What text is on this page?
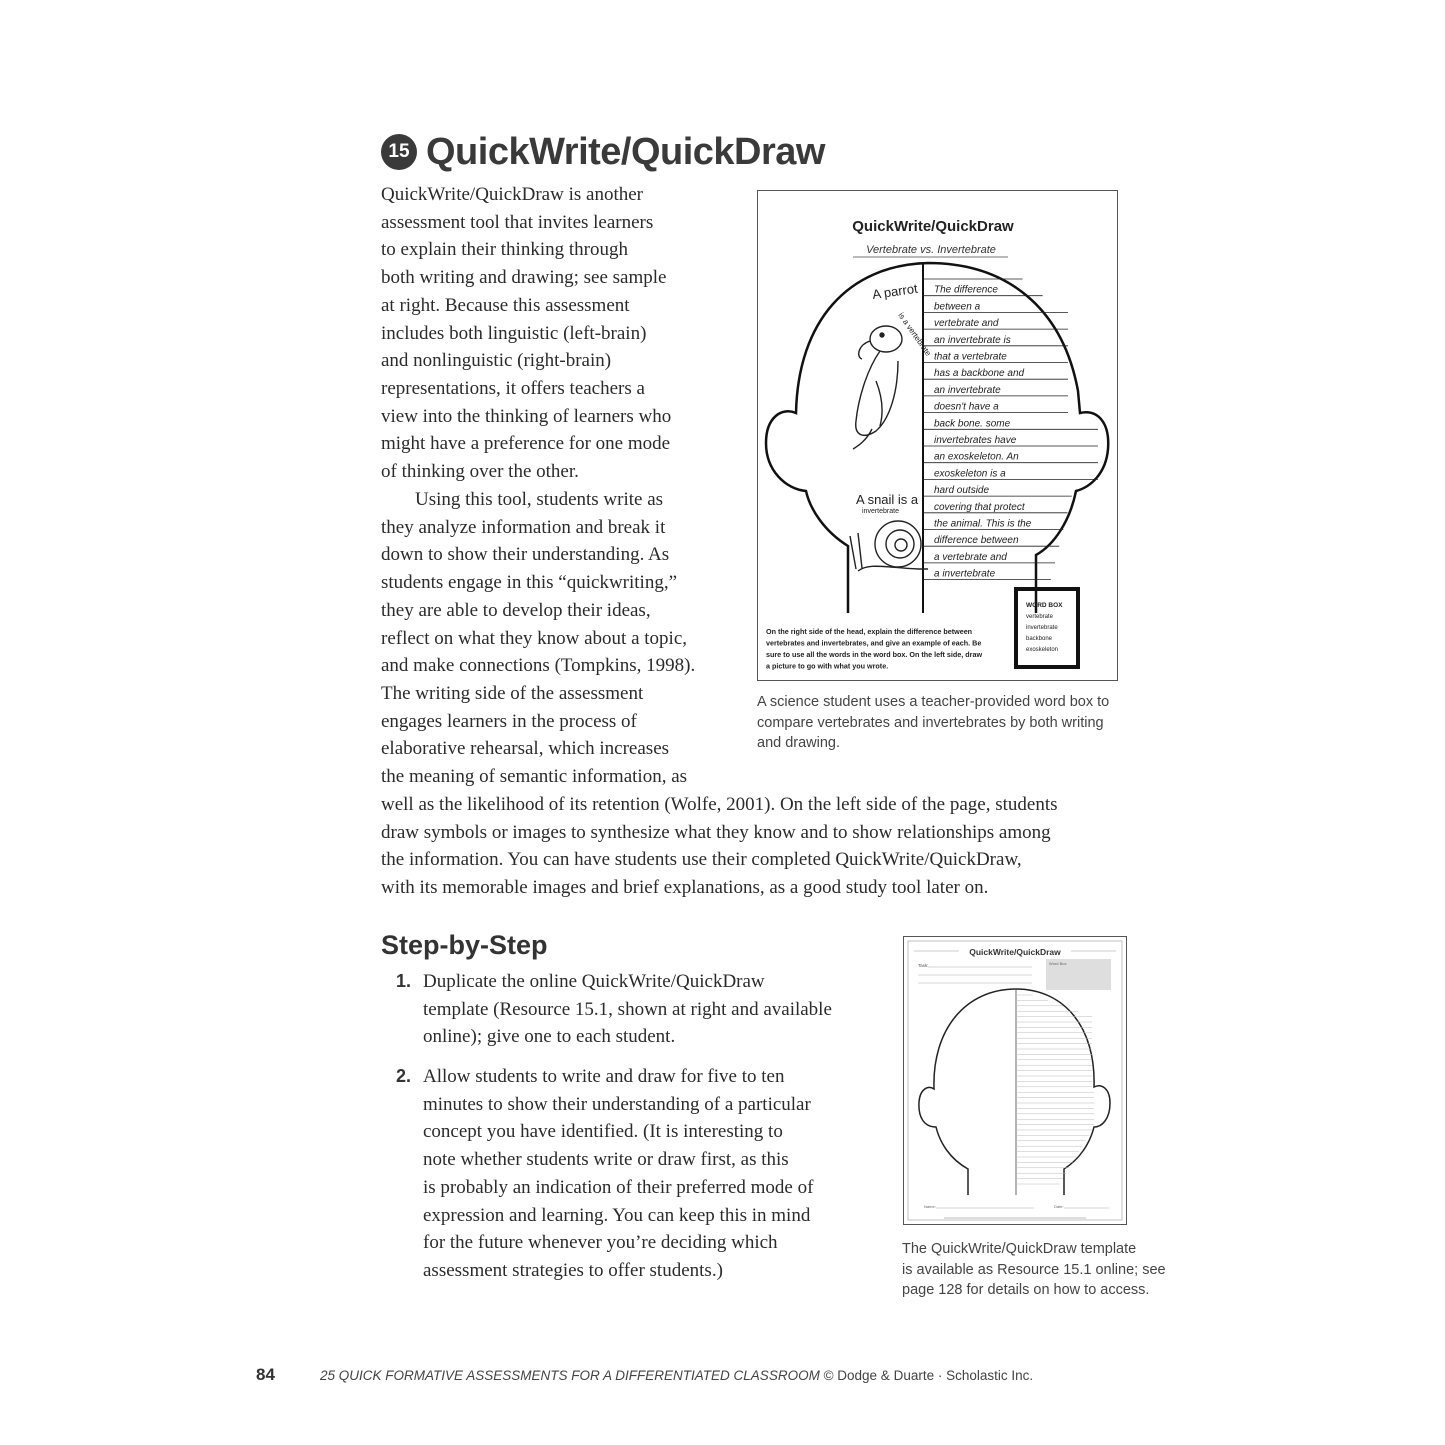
15 QuickWrite/QuickDraw

QuickWrite/QuickDraw is another
assessment tool that invites learners
to explain their thinking through
both writing and drawing; see sample
at right. Because this assessment
includes both linguistic (left-brain)
and nonlinguistic (right-brain)
representations, it offers teachers a
view into the thinking of learners who
might have a preference for one mode
of thinking over the other.

Using this tool, students write as
they analyze information and break it
down to show their understanding. As
students engage in this “quickwriting,”
they are able to develop their ideas,
reflect on what they know about a topic,
and make connections (Tompkins, 1998).
The writing side of the assessment
engages learners in the process of
elaborative rehearsal, which increases
the meaning of semantic information, as

well as the likelihood of its retention (Wolfe, 2001). On the left side of the page, students
draw symbols or images to synthesize what they know and to show relationships among
the information. You can have students use their completed QuickWrite/QuickDraw,
with its memorable images and brief explanations, as a good study tool later on.

QuickWrite/QuickDraw
Vertebrate vs. Invertebrate
The difference
between a
vertebrate and
an invertebrate is
that a vertebrate
has a backbone and
an invertebrate
doesn't have a
back bone. some
invertebrates have
an exoskeleton. An
exoskeleton is a
hard outside
covering that protect
the animal. This is the
difference between
a vertebrate and
a invertebrate
A parrot
is a vertebrate
A snail is a
invertebrate
WORD BOX
vertebrate
invertebrate
backbone
exoskeleton
On the right side of the head, explain the difference between
vertebrates and invertebrates, and give an example of each. Be
sure to use all the words in the word box. On the left side, draw
a picture to go with what you wrote.

A science student uses a teacher-provided word box to
compare vertebrates and invertebrates by both writing
and drawing.

Step-by-Step
1. Duplicate the online QuickWrite/QuickDraw
template (Resource 15.1, shown at right and available
online); give one to each student.
2. Allow students to write and draw for five to ten
minutes to show their understanding of a particular
concept you have identified. (It is interesting to
note whether students write or draw first, as this
is probably an indication of their preferred mode of
expression and learning. You can keep this in mind
for the future whenever you’re deciding which
assessment strategies to offer students.)
QuickWrite/QuickDraw
Task:	Word Box
Name:	Date:

The QuickWrite/QuickDraw template
is available as Resource 15.1 online; see
page 128 for details on how to access.

84	25 QUICK FORMATIVE ASSESSMENTS FOR A DIFFERENTIATED CLASSROOM © Dodge & Duarte · Scholastic Inc.
